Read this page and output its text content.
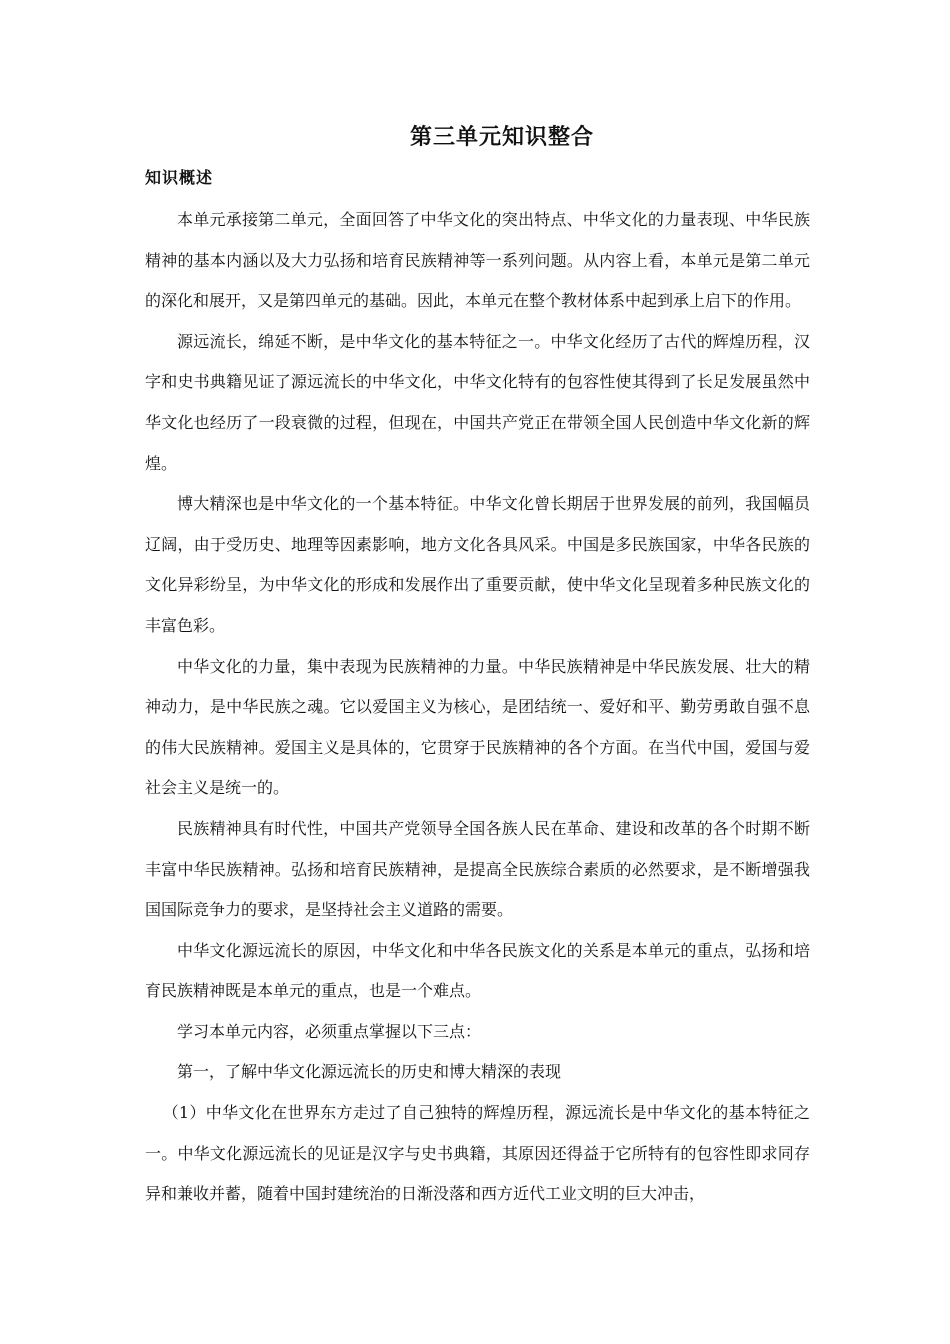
第三单元知识整合
知识概述

本单元承接第二单元，全面回答了中华文化的突出特点、中华文化的力量表现、中华民族精神的基本内涵以及大力弘扬和培育民族精神等一系列问题。从内容上看，本单元是第二单元的深化和展开，又是第四单元的基础。因此，本单元在整个教材体系中起到承上启下的作用。

源远流长，绵延不断，是中华文化的基本特征之一。中华文化经历了古代的辉煌历程，汉字和史书典籍见证了源远流长的中华文化，中华文化特有的包容性使其得到了长足发展虽然中华文化也经历了一段衰微的过程，但现在，中国共产党正在带领全国人民创造中华文化新的辉煌。

博大精深也是中华文化的一个基本特征。中华文化曾长期居于世界发展的前列，我国幅员辽阔，由于受历史、地理等因素影响，地方文化各具风采。中国是多民族国家，中华各民族的文化异彩纷呈，为中华文化的形成和发展作出了重要贡献，使中华文化呈现着多种民族文化的丰富色彩。

中华文化的力量，集中表现为民族精神的力量。中华民族精神是中华民族发展、壮大的精神动力，是中华民族之魂。它以爱国主义为核心，是团结统一、爱好和平、勤劳勇敢自强不息的伟大民族精神。爱国主义是具体的，它贯穿于民族精神的各个方面。在当代中国，爱国与爱社会主义是统一的。

民族精神具有时代性，中国共产党领导全国各族人民在革命、建设和改革的各个时期不断丰富中华民族精神。弘扬和培育民族精神，是提高全民族综合素质的必然要求，是不断增强我国国际竞争力的要求，是坚持社会主义道路的需要。

中华文化源远流长的原因，中华文化和中华各民族文化的关系是本单元的重点，弘扬和培育民族精神既是本单元的重点，也是一个难点。

学习本单元内容，必须重点掌握以下三点：

第一，了解中华文化源远流长的历史和博大精深的表现

（1）中华文化在世界东方走过了自己独特的辉煌历程，源远流长是中华文化的基本特征之一。中华文化源远流长的见证是汉字与史书典籍，其原因还得益于它所特有的包容性即求同存异和兼收并蓄，随着中国封建统治的日渐没落和西方近代工业文明的巨大冲击，
